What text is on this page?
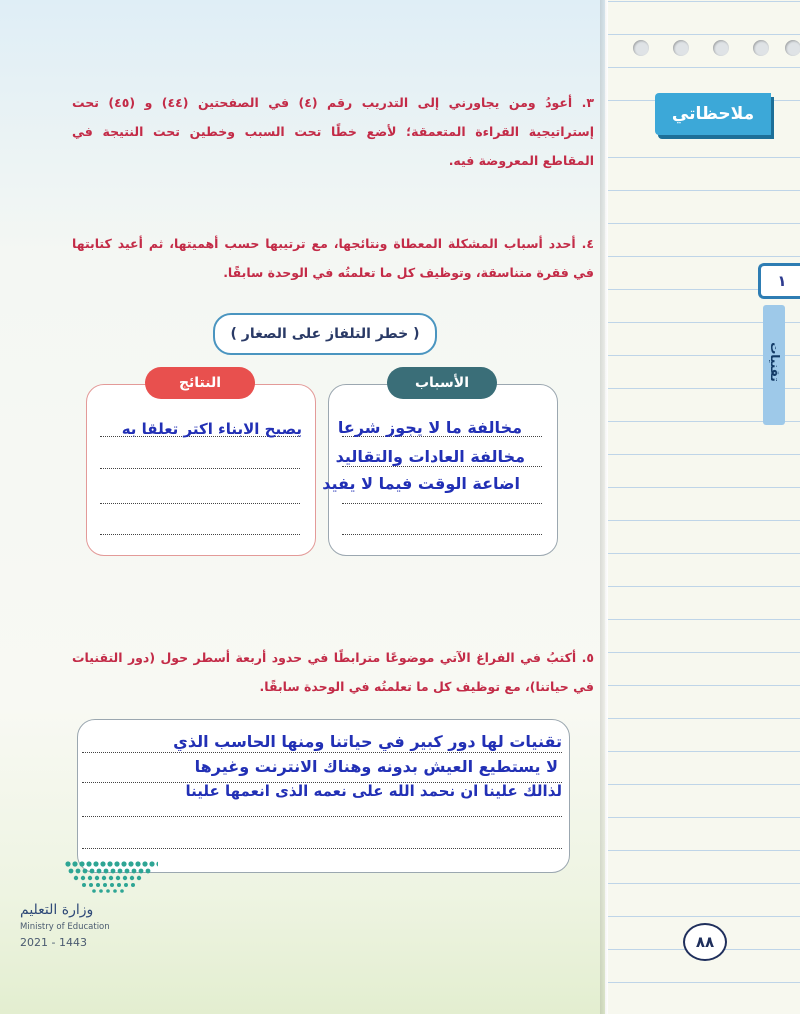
ملاحظاتي
١
تقنيات
٣. أعودُ ومن يجاورني إلى التدريب رقم (٤) في الصفحتين (٤٤) و (٤٥) تحت إستراتيجية القراءة المتعمقة؛ لأضع خطًا تحت السبب وخطين تحت النتيجة في المقاطع المعروضة فيه.
٤. أحدد أسباب المشكلة المعطاة ونتائجها، مع ترتيبها حسب أهميتها، ثم أعيد كتابتها في فقرة متناسقة، وتوظيف كل ما تعلمتُه في الوحدة سابقًا.
( خطر التلفاز على الصغار )
الأسباب
النتائج
مخالفة ما لا يجوز شرعا
مخالفة العادات والتقاليد
اضاعة الوقت فيما لا يفيد
يصبح الابناء اكتر تعلقا به
٥. أكتبُ في الفراغ الآتي موضوعًا مترابطًا في حدود أربعة أسطر حول (دور التقنيات في حياتنا)، مع توظيف كل ما تعلمتُه في الوحدة سابقًا.
تقنيات لها دور كبير في حياتنا ومنها الحاسب الذي
لا يستطيع العيش بدونه وهناك الانترنت وغيرها
لذالك علينا ان نحمد الله على نعمه الذى انعمها علينا
وزارة التعليم
Ministry of Education
2021 - 1443	٨٨
